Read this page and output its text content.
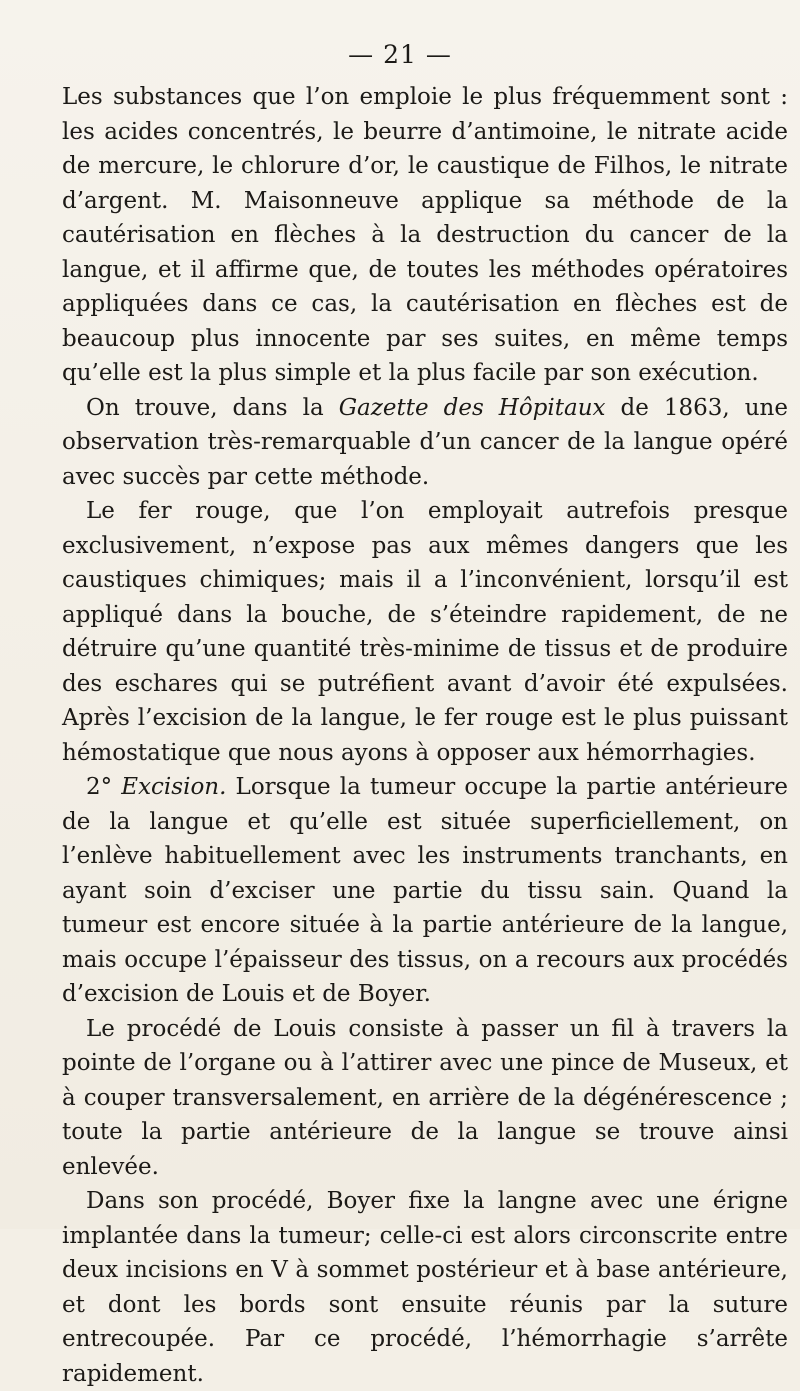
— 21 —

Les substances que l’on emploie le plus fréquemment sont : les acides concentrés, le beurre d’antimoine, le nitrate acide de mercure, le chlorure d’or, le caustique de Filhos, le nitrate d’argent. M. Maisonneuve applique sa méthode de la cautérisation en flèches à la destruction du cancer de la langue, et il affirme que, de toutes les méthodes opératoires appliquées dans ce cas, la cautérisation en flèches est de beaucoup plus innocente par ses suites, en même temps qu’elle est la plus simple et la plus facile par son exécution.

On trouve, dans la Gazette des Hôpitaux de 1863, une observation très-remarquable d’un cancer de la langue opéré avec succès par cette méthode.

Le fer rouge, que l’on employait autrefois presque exclusivement, n’expose pas aux mêmes dangers que les caustiques chimiques; mais il a l’inconvénient, lorsqu’il est appliqué dans la bouche, de s’éteindre rapidement, de ne détruire qu’une quantité très-minime de tissus et de produire des eschares qui se putréfient avant d’avoir été expulsées. Après l’excision de la langue, le fer rouge est le plus puissant hémostatique que nous ayons à opposer aux hémorrhagies.

2° Excision. Lorsque la tumeur occupe la partie antérieure de la langue et qu’elle est située superficiellement, on l’enlève habituellement avec les instruments tranchants, en ayant soin d’exciser une partie du tissu sain. Quand la tumeur est encore située à la partie antérieure de la langue, mais occupe l’épaisseur des tissus, on a recours aux procédés d’excision de Louis et de Boyer.

Le procédé de Louis consiste à passer un fil à travers la pointe de l’organe ou à l’attirer avec une pince de Museux, et à couper transversalement, en arrière de la dégénérescence ; toute la partie antérieure de la langue se trouve ainsi enlevée.

Dans son procédé, Boyer fixe la langne avec une érigne implantée dans la tumeur; celle-ci est alors circonscrite entre deux incisions en V à sommet postérieur et à base antérieure, et dont les bords sont ensuite réunis par la suture entrecoupée. Par ce procédé, l’hémorrhagie s’arrête rapidement.
